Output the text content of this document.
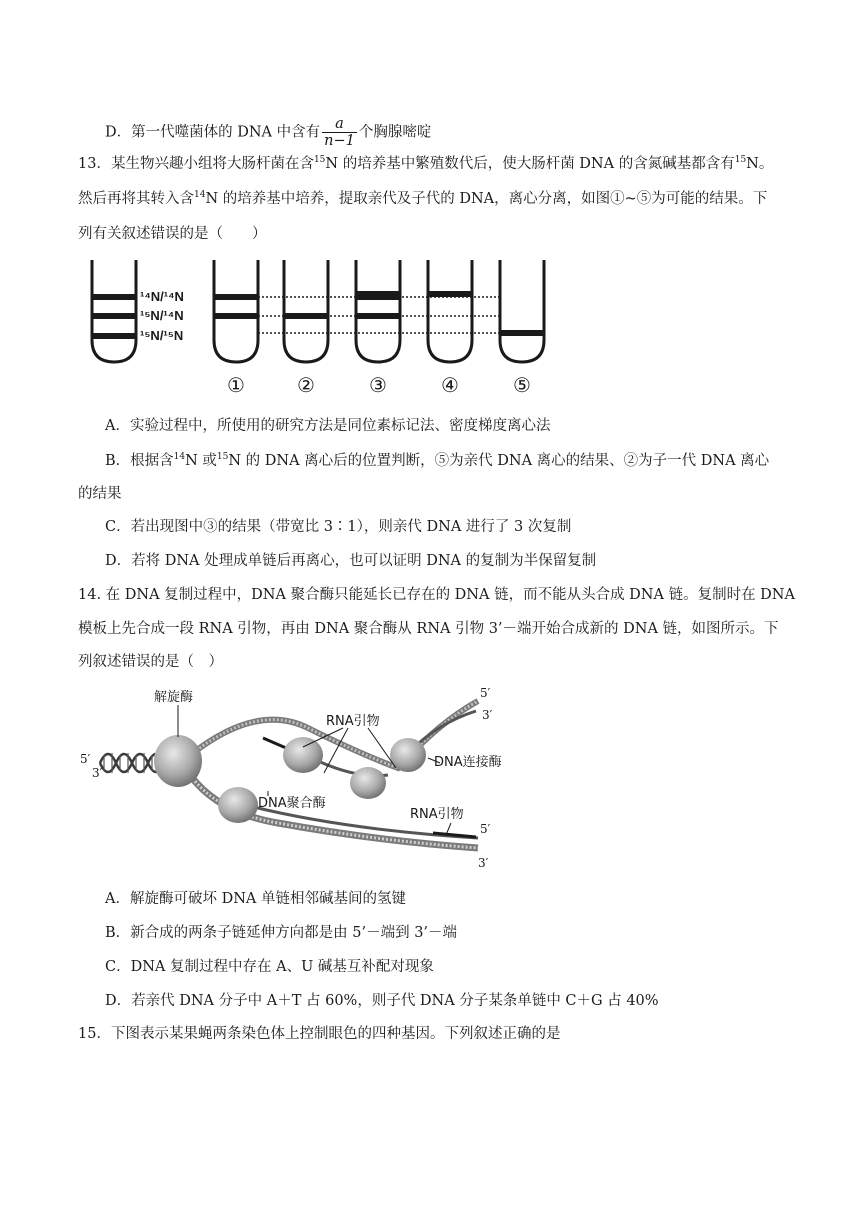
D．第一代噬菌体的 DNA 中含有 $\frac{a}{n-1}$ 个胸腺嘧啶
13．某生物兴趣小组将大肠杆菌在含$^{15}$N 的培养基中繁殖数代后，使大肠杆菌 DNA 的含氮碱基都含有$^{15}$N。
然后再将其转入含$^{14}$N 的培养基中培养，提取亲代及子代的 DNA，离心分离，如图①~⑤为可能的结果。下
列有关叙述错误的是（　　）
¹⁴N/¹⁴N
¹⁵N/¹⁴N
¹⁵N/¹⁵N
①	②	③	④	⑤
A．实验过程中，所使用的研究方法是同位素标记法、密度梯度离心法
B．根据含$^{14}$N 或$^{15}$N 的 DNA 离心后的位置判断，⑤为亲代 DNA 离心的结果、②为子一代 DNA 离心
的结果
C．若出现图中③的结果（带宽比 3∶1），则亲代 DNA 进行了 3 次复制
D．若将 DNA 处理成单链后再离心，也可以证明 DNA 的复制为半保留复制
14. 在 DNA 复制过程中，DNA 聚合酶只能延长已存在的 DNA 链，而不能从头合成 DNA 链。复制时在 DNA
模板上先合成一段 RNA 引物，再由 DNA 聚合酶从 RNA 引物 3’－端开始合成新的 DNA 链，如图所示。下
列叙述错误的是（　）
解旋酶
RNA引物
DNA连接酶
DNA聚合酶
RNA引物
5′
3′
5′
3′
5′
3′
A．解旋酶可破坏 DNA 单链相邻碱基间的氢键
B．新合成的两条子链延伸方向都是由 5’－端到 3’－端
C．DNA 复制过程中存在 A、U 碱基互补配对现象
D．若亲代 DNA 分子中 A＋T 占 60%，则子代 DNA 分子某条单链中 C＋G 占 40%
15．下图表示某果蝇两条染色体上控制眼色的四种基因。下列叙述正确的是
